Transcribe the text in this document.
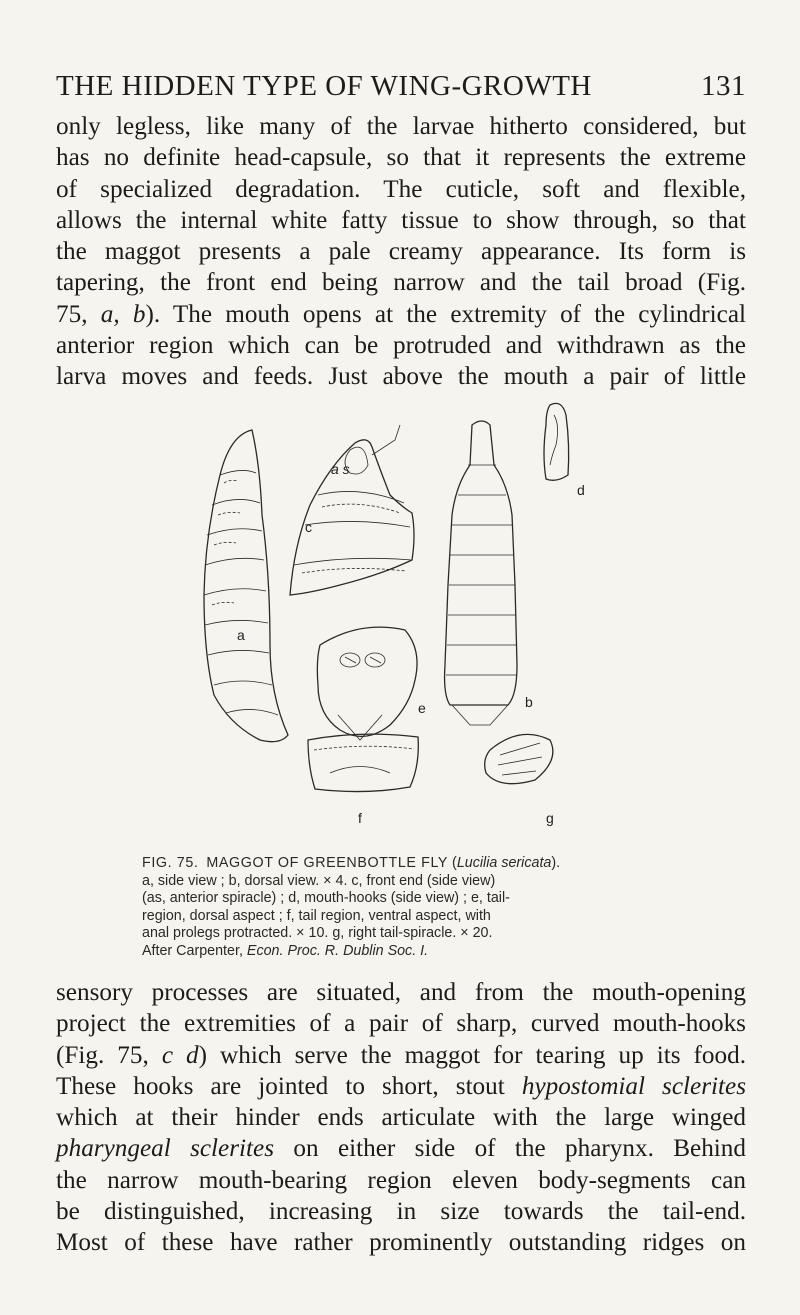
THE HIDDEN TYPE OF WING-GROWTH	131
only legless, like many of the larvae hitherto considered, but
has no definite head-capsule, so that it represents the extreme
of specialized degradation. The cuticle, soft and flexible,
allows the internal white fatty tissue to show through, so that
the maggot presents a pale creamy appearance. Its form is
tapering, the front end being narrow and the tail broad (Fig.
75, a, b). The mouth opens at the extremity of the cylindrical
anterior region which can be protruded and withdrawn as the
larva moves and feeds. Just above the mouth a pair of little
a
a s
c
e
f
b
d
g
FIG. 75. MAGGOT OF GREENBOTTLE FLY (Lucilia sericata).
a, side view ; b, dorsal view. × 4. c, front end (side view)
(as, anterior spiracle) ; d, mouth-hooks (side view) ; e, tail-
region, dorsal aspect ; f, tail region, ventral aspect, with
anal prolegs protracted. × 10. g, right tail-spiracle. × 20.
After Carpenter, Econ. Proc. R. Dublin Soc. I.
sensory processes are situated, and from the mouth-opening
project the extremities of a pair of sharp, curved mouth-hooks
(Fig. 75, c d) which serve the maggot for tearing up its food.
These hooks are jointed to short, stout hypostomial sclerites
which at their hinder ends articulate with the large winged
pharyngeal sclerites on either side of the pharynx. Behind
the narrow mouth-bearing region eleven body-segments can
be distinguished, increasing in size towards the tail-end.
Most of these have rather prominently outstanding ridges on
